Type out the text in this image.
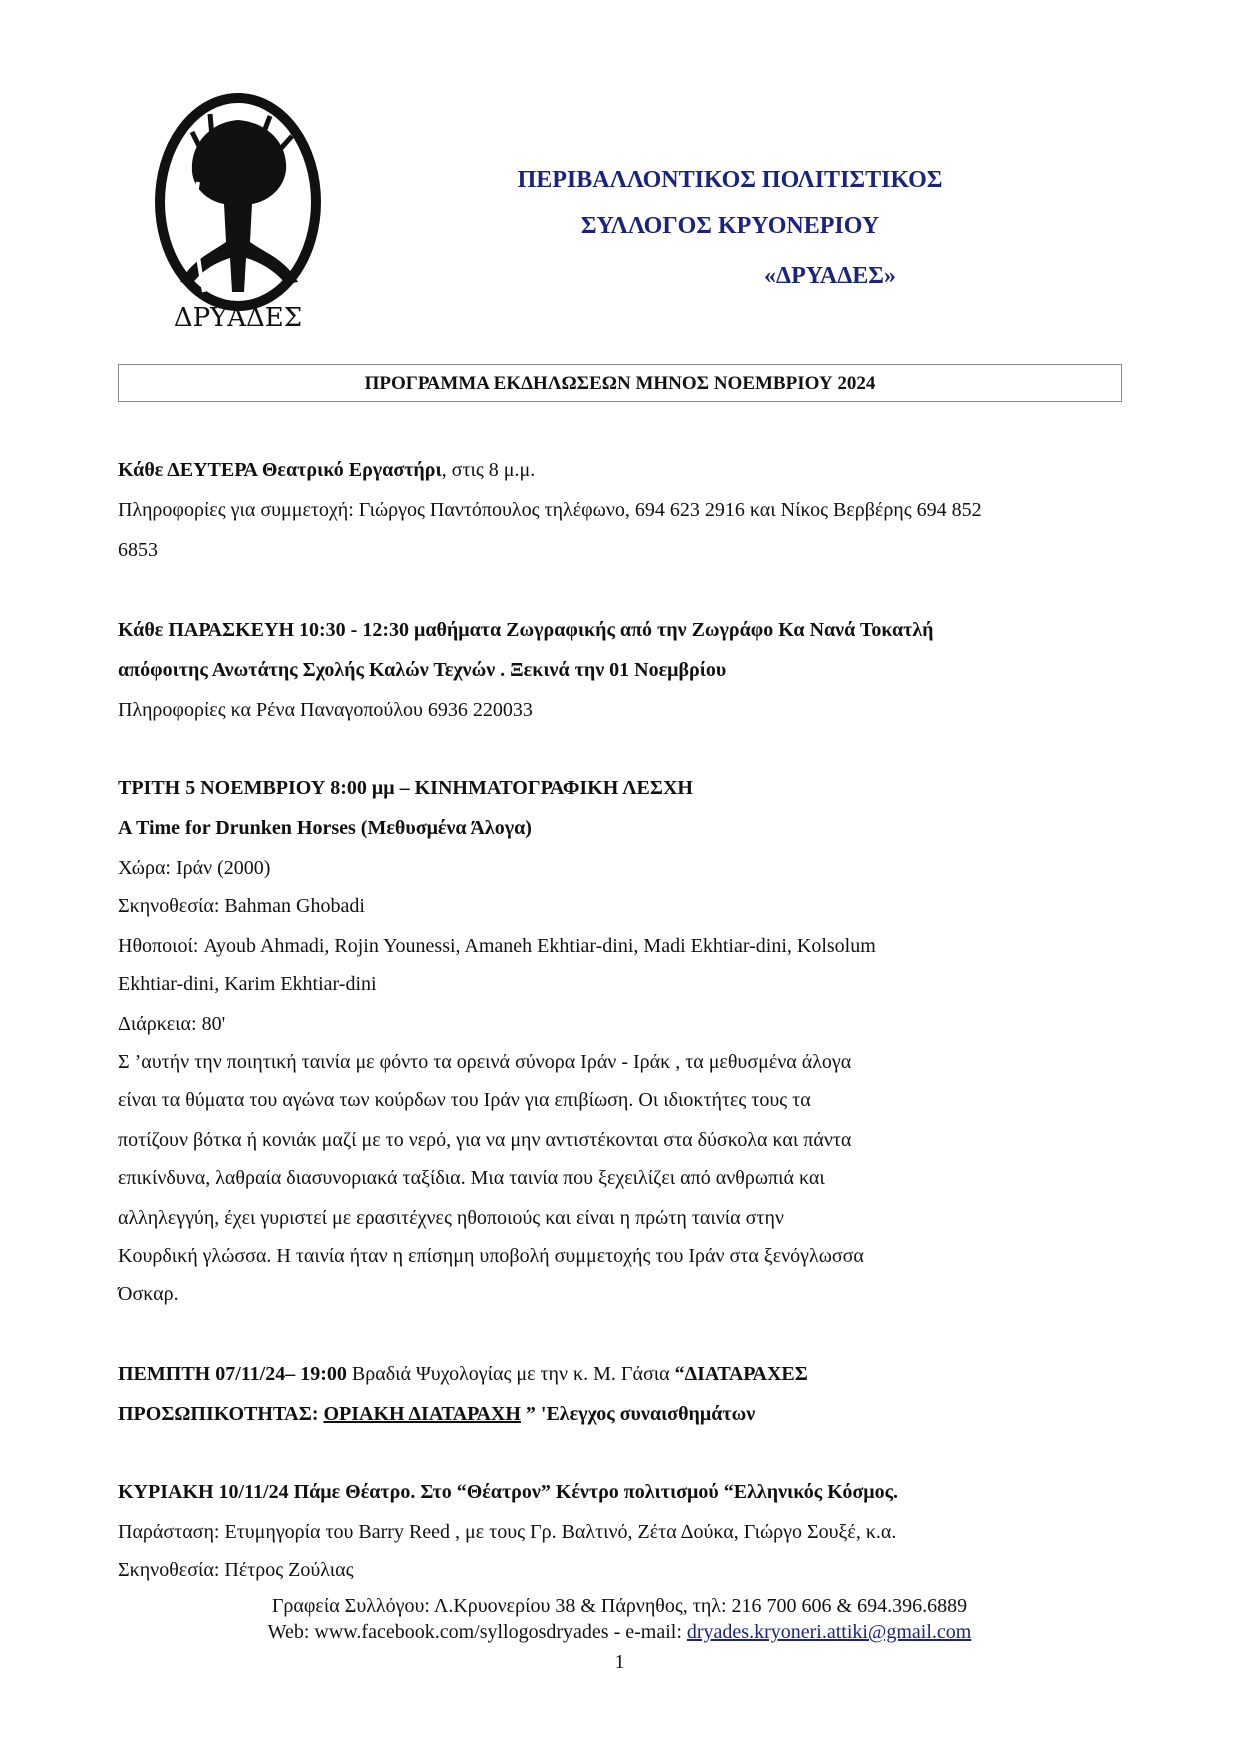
ΔΡΥΑΔΕΣ
ΠΕΡΙΒΑΛΛΟΝΤΙΚΟΣ ΠΟΛΙΤΙΣΤΙΚΟΣ
ΣΥΛΛΟΓΟΣ ΚΡΥΟΝΕΡΙΟΥ
«ΔΡΥΑΔΕΣ»
ΠΡΟΓΡΑΜΜΑ ΕΚΔΗΛΩΣΕΩΝ ΜΗΝΟΣ ΝΟΕΜΒΡΙΟΥ 2024
Κάθε ΔΕΥΤΕΡΑ Θεατρικό Εργαστήρι, στις 8 μ.μ.
Πληροφορίες για συμμετοχή: Γιώργος Παντόπουλος τηλέφωνο, 694 623 2916 και Νίκος Βερβέρης 694 852
6853
Κάθε ΠΑΡΑΣΚΕΥΗ 10:30 - 12:30 μαθήματα Ζωγραφικής από την Ζωγράφο Κα Νανά Τοκατλή
απόφοιτης Ανωτάτης Σχολής Καλών Τεχνών . Ξεκινά την 01 Νοεμβρίου
Πληροφορίες κα Ρένα Παναγοπούλου 6936 220033
ΤΡΙΤΗ 5 ΝΟΕΜΒΡΙΟΥ 8:00 μμ – ΚΙΝΗΜΑΤΟΓΡΑΦΙΚΗ ΛΕΣΧΗ
A Time for Drunken Horses (Μεθυσμένα Άλογα)
Χώρα: Ιράν (2000)
Σκηνοθεσία: Bahman Ghobadi
Ηθοποιοί: Ayoub Ahmadi, Rojin Younessi, Amaneh Ekhtiar-dini, Madi Ekhtiar-dini, Kolsolum
Ekhtiar-dini, Karim Ekhtiar-dini
Διάρκεια: 80'
Σ ’αυτήν την ποιητική ταινία με φόντο τα ορεινά σύνορα Ιράν - Ιράκ , τα μεθυσμένα άλογα
είναι τα θύματα του αγώνα των κούρδων του Ιράν για επιβίωση. Οι ιδιοκτήτες τους τα
ποτίζουν βότκα ή κονιάκ μαζί με το νερό, για να μην αντιστέκονται στα δύσκολα και πάντα
επικίνδυνα, λαθραία διασυνοριακά ταξίδια. Μια ταινία που ξεχειλίζει από ανθρωπιά και
αλληλεγγύη, έχει γυριστεί με ερασιτέχνες ηθοποιούς και είναι η πρώτη ταινία στην
Κουρδική γλώσσα. Η ταινία ήταν η επίσημη υποβολή συμμετοχής του Ιράν στα ξενόγλωσσα
Όσκαρ.
ΠΕΜΠΤΗ 07/11/24– 19:00 Βραδιά Ψυχολογίας με την κ. Μ. Γάσια “ΔΙΑΤΑΡΑΧΕΣ
ΠΡΟΣΩΠΙΚΟΤΗΤΑΣ: ΟΡΙΑΚΗ ΔΙΑΤΑΡΑΧΗ ” 'Ελεγχος συναισθημάτων
ΚΥΡΙΑΚΗ 10/11/24 Πάμε Θέατρο. Στο “Θέατρον” Κέντρο πολιτισμού “Ελληνικός Κόσμος.
Παράσταση: Ετυμηγορία του Barry Reed , με τους Γρ. Βαλτινό, Ζέτα Δούκα, Γιώργο Σουξέ, κ.α.
Σκηνοθεσία: Πέτρος Ζούλιας
Γραφεία Συλλόγου: Λ.Κρυονερίου 38 & Πάρνηθος, τηλ: 216 700 606 & 694.396.6889
Web: www.facebook.com/syllogosdryades - e-mail: dryades.kryoneri.attiki@gmail.com
1
